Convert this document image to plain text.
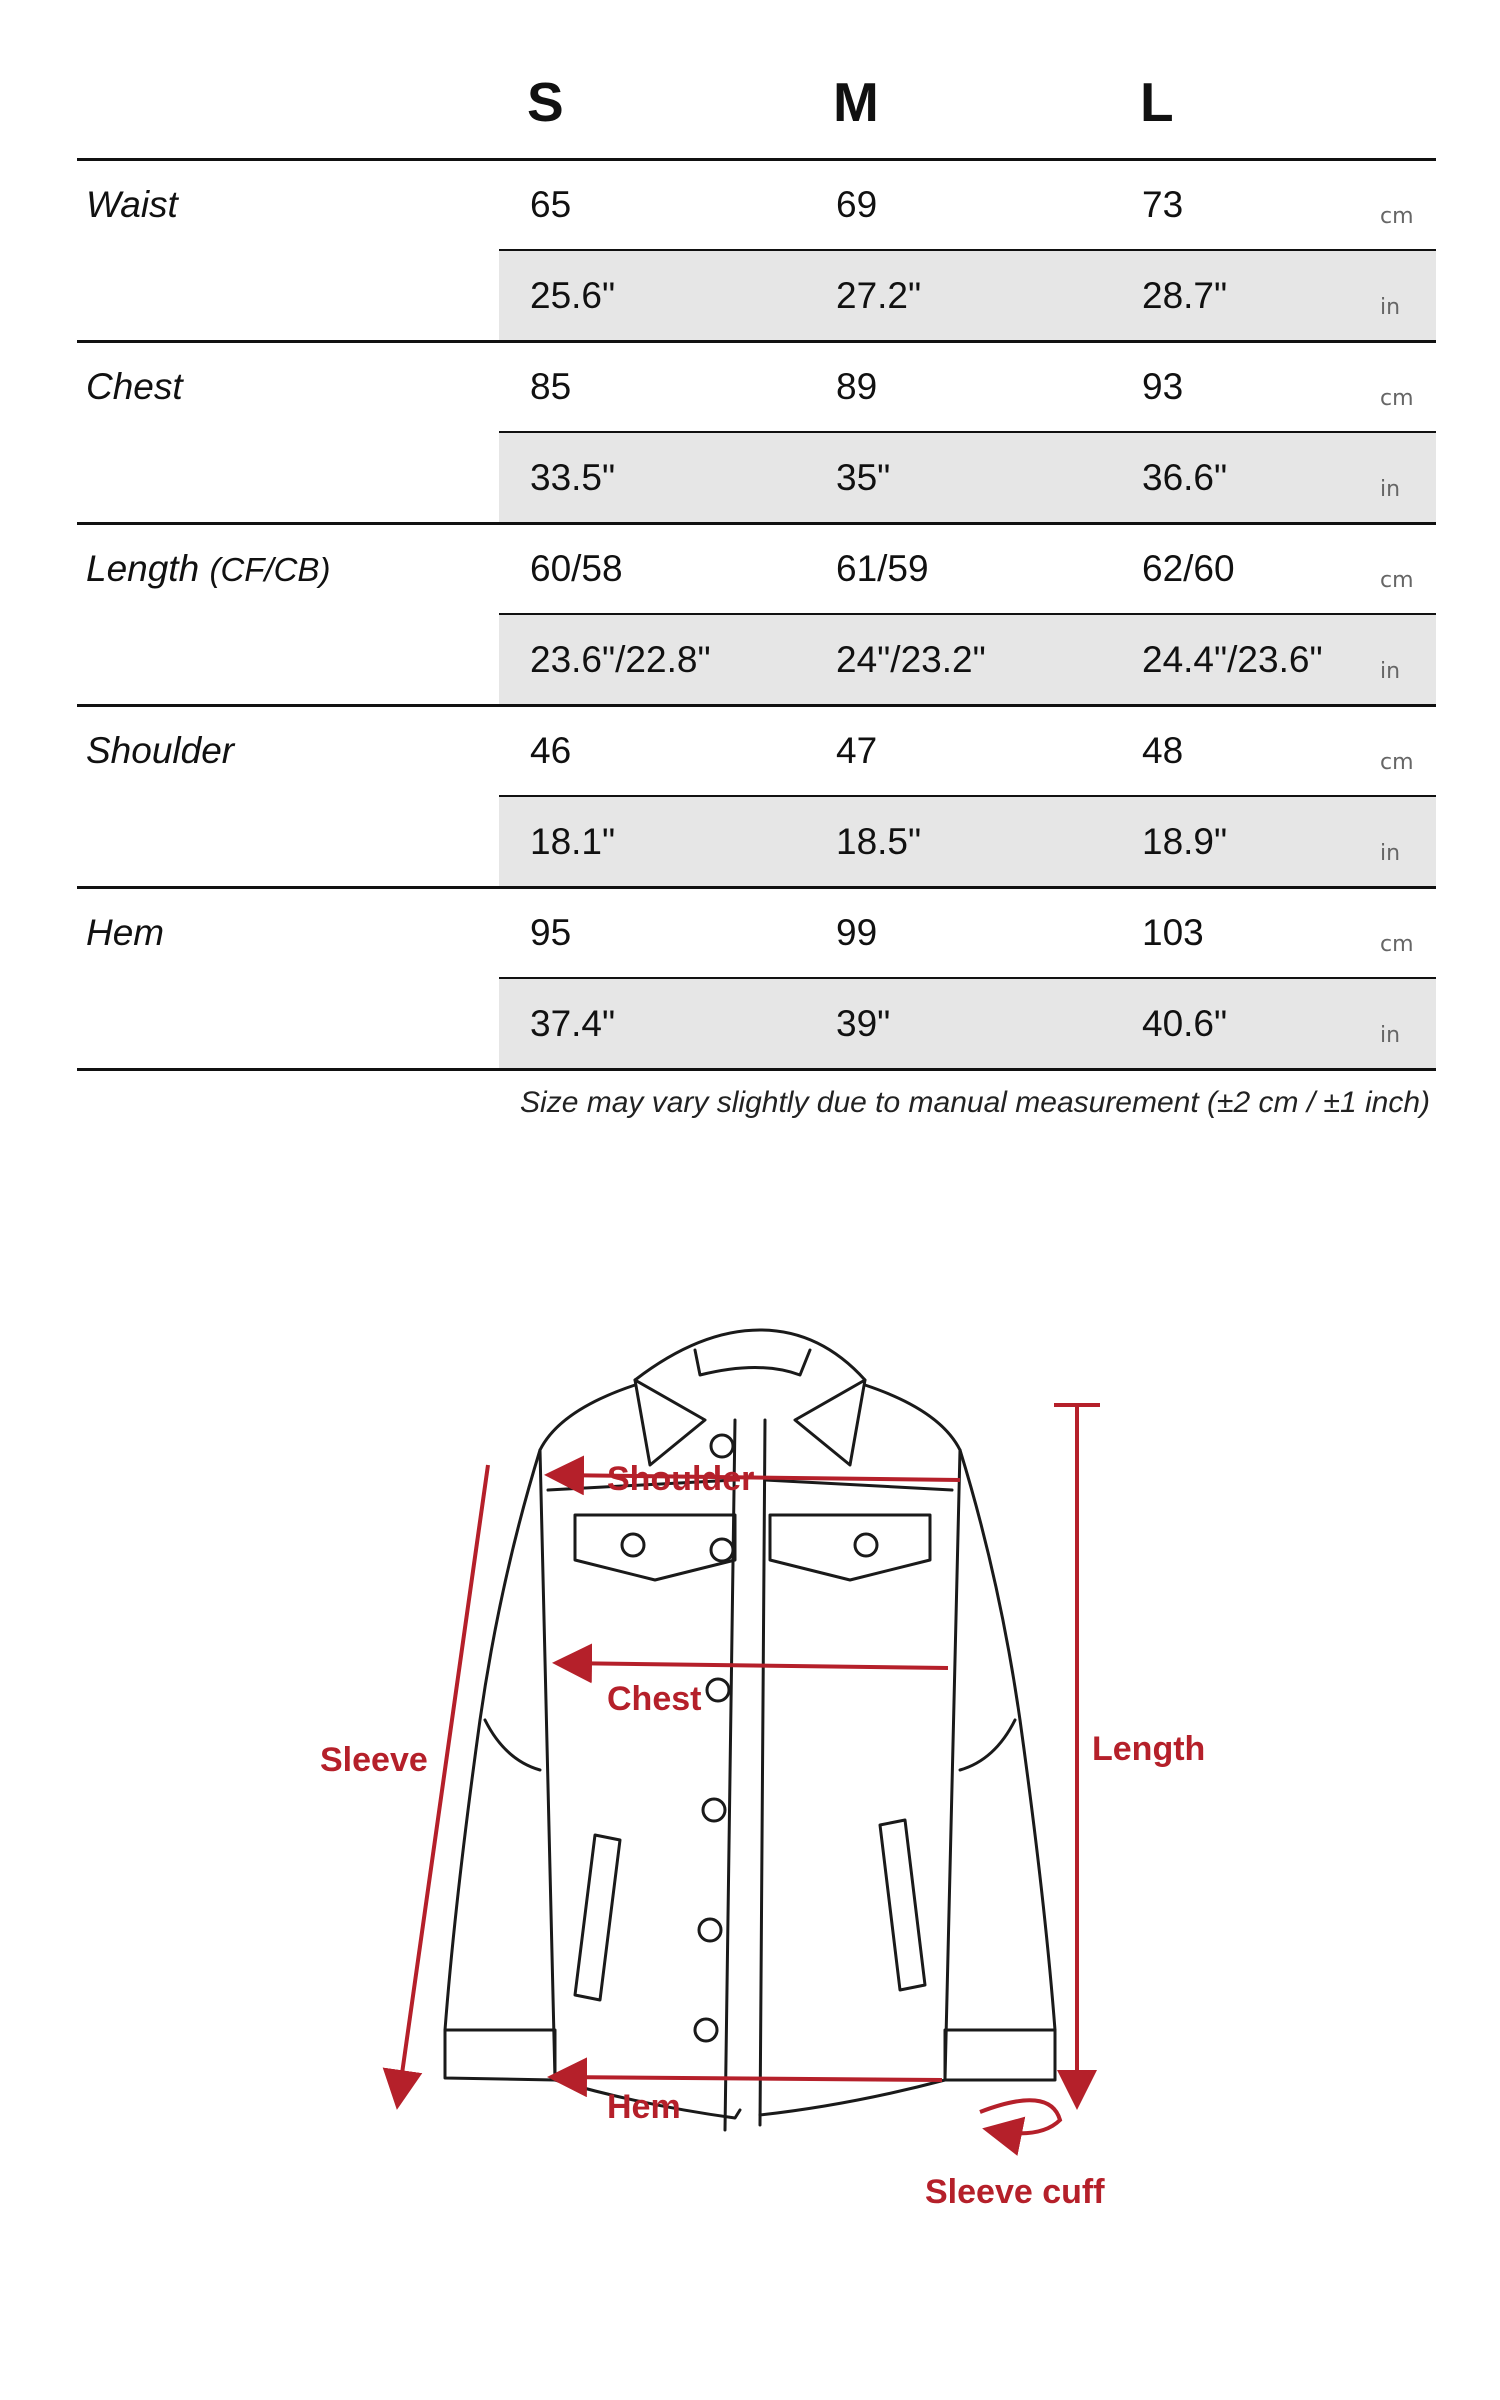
S	M	L
Waist	65	69	73	cm
25.6"	27.2"	28.7"	in
Chest	85	89	93	cm
33.5"	35"	36.6"	in
Length (CF/CB)	60/58	61/59	62/60	cm
23.6"/22.8"	24"/23.2"	24.4"/23.6"	in
Shoulder	46	47	48	cm
18.1"	18.5"	18.9"	in
Hem	95	99	103	cm
37.4"	39"	40.6"	in
Size may vary slightly due to manual measurement (±2 cm / ±1 inch)
Shoulder
Chest
Sleeve	Length
Hem
Sleeve cuff
